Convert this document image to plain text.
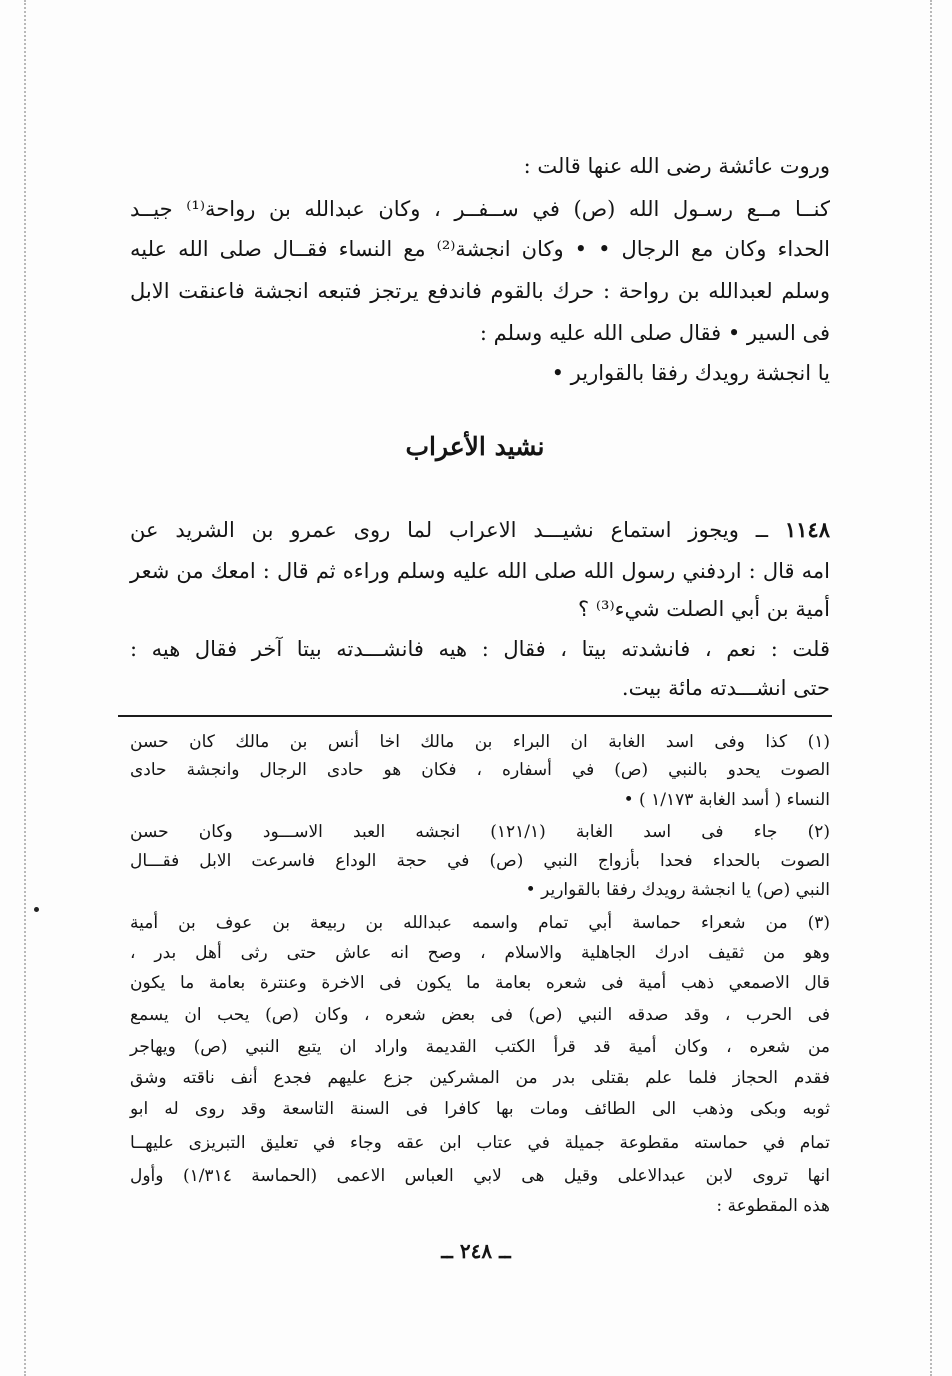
وروت عائشة رضى الله عنها قالت :
كنــا مــع رسـول الله (ص) في ســفــر ، وكان عبدالله بن رواحة⁽¹⁾ جيــد
الحداء وكان مع الرجال • • وكان انجشة⁽²⁾ مع النساء فقــال صلى الله عليه
وسلم لعبدالله بن رواحة : حرك بالقوم فاندفع يرتجز فتبعه انجشة فاعنقت الابل
فى السير • فقال صلى الله عليه وسلم :
يا انجشة رويدك رفقا بالقوارير •
نشيد الأعراب
١١٤٨ ــ ويجوز استماع نشيـــد الاعراب لما روى عمرو بن الشريد عن
امه قال : اردفني رسول الله صلى الله عليه وسلم وراءه ثم قال : امعك من شعر
أمية بن أبي الصلت شيء⁽³⁾ ؟
قلت : نعم ، فانشدته بيتا ، فقال : هيه فانشـــدته بيتا آخر فقال هيه :
حتى انشـــدته مائة بيت.
(١) كذا وفى اسد الغابة ان البراء بن مالك اخا أنس بن مالك كان حسن
الصوت يحدو بالنبي (ص) في أسفاره ، فكان هو حادى الرجال وانجشة حادى
النساء ( أسد الغابة ١/١٧٣ ) •
(٢) جاء فى اسد الغابة (١٢١/١) انجشه العبد الاســـود وكان حسن
الصوت بالحداء فحدا بأزواج النبي (ص) في حجة الوداع فاسرعت الابل فقـــال
النبي (ص) يا انجشة رويدك رفقا بالقوارير •
(٣) من شعراء حماسة أبي تمام واسمه عبدالله بن ربيعة بن عوف بن أمية
وهو من ثقيف ادرك الجاهلية والاسلام ، وصح انه عاش حتى رثى أهل بدر ،
قال الاصمعي ذهب أمية فى شعره بعامة ما يكون فى الاخرة وعنترة بعامة ما يكون
فى الحرب ، وقد صدقه النبي (ص) فى بعض شعره ، وكان (ص) يحب ان يسمع
من شعره ، وكان أمية قد قرأ الكتب القديمة واراد ان يتبع النبي (ص) ويهاجر
فقدم الحجاز فلما علم بقتلى بدر من المشركين جزع عليهم فجدع أنف ناقته وشق
ثوبه وبكى وذهب الى الطائف ومات بها كافرا فى السنة التاسعة وقد روى له ابو
تمام في حماسته مقطوعة جميلة في عتاب ابن عقه وجاء في تعليق التبريزى عليهــا
انها تروى لابن عبدالاعلى وقيل هى لابي العباس الاعمى (الحماسة ١/٣١٤) وأول
هذه المقطوعة :
ــ ٢٤٨ ــ
